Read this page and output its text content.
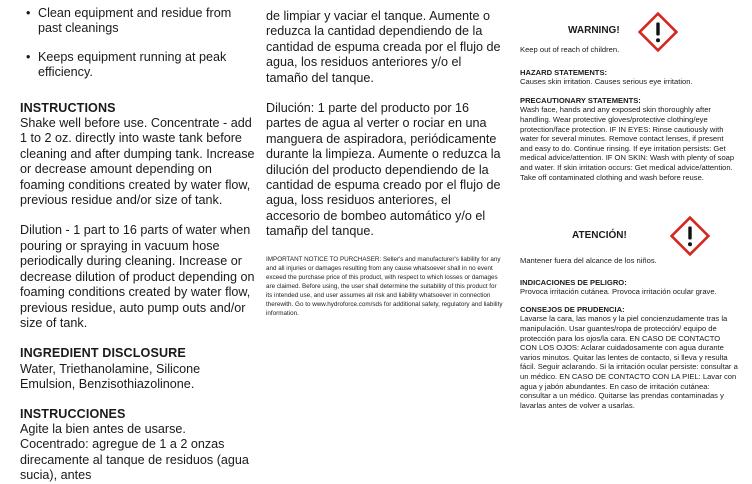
• Clean equipment and residue from past cleanings

• Keeps equipment running at peak efficiency.

INSTRUCTIONS

Shake well before use. Concentrate - add 1 to 2 oz. directly into waste tank before cleaning and after dumping tank. Increase or decrease amount depending on foaming conditions created by water flow, previous residue and/or size of tank.

Dilution - 1 part to 16 parts of water when pouring or spraying in vacuum hose periodically during cleaning. Increase or decrease dilution of product depending on foaming conditions created by water flow, previous residue, auto pump outs and/or size of tank.

INGREDIENT DISCLOSURE

Water, Triethanolamine, Silicone Emulsion, Benzisothiazolinone.

INSTRUCCIONES

Agite la bien antes de usarse. Cocentrado: agregue de 1 a 2 onzas direcamente al tanque de residuos (agua sucia), antes

de limpiar y vaciar el tanque. Aumente o reduzca la cantidad dependiendo de la cantidad de espuma creada por el flujo de agua, los residuos anteriores y/o el tamaño del tanque.

Dilución: 1 parte del producto por 16 partes de agua al verter o rociar en una manguera de aspiradora, periódicamente durante la limpieza. Aumente o reduzca la dilución del producto dependiendo de la cantidad de espuma creado por el flujo de agua, loss residuos anteriores, el accesorio de bombeo automático y/o el tamañp del tanque.

IMPORTANT NOTICE TO PURCHASER: Seller's and manufacturer's liability for any and all injuries or damages resulting from any cause whatsoever shall in no event exceed the purchase price of this product, with respect to which losses or damages are claimed. Before using, the user shall determine the suitability of this product for its intended use, and user assumes all risk and liability whatsoever in connection therewith. Go to www.hydroforce.com/sds for additional safety, regulatory and liability information.

WARNING!

Keep out of reach of children.

HAZARD STATEMENTS:

Causes skin irritation. Causes serious eye irritation.

PRECAUTIONARY STATEMENTS:

Wash face, hands and any exposed skin thoroughly after handling. Wear protective gloves/protective clothing/eye protection/face protection. IF IN EYES: Rinse cautiously with water for several minutes. Remove contact lenses, if present and easy to do. Continue rinsing. If eye irritation persists: Get medical advice/attention. IF ON SKIN: Wash with plenty of soap and water. If skin irritation occurs: Get medical advice/attention. Take off contaminated clothing and wash before reuse.

ATENCIÓN!

Mantener fuera del alcance de los niños.

INDICACIONES DE PELIGRO:

Provoca irritación cutánea. Provoca irritación ocular grave.

CONSEJOS DE PRUDENCIA:

Lavarse la cara, las manos y la piel concienzudamente tras la manipulación. Usar guantes/ropa de protección/ equipo de protección para los ojos/la cara. EN CASO DE CONTACTO CON LOS OJOS: Aclarar cuidadosamente con agua durante varios minutos. Quitar las lentes de contacto, si lleva y resulta fácil. Seguir aclarando. Si la irritación ocular persiste: consultar a un médico. EN CASO DE CONTACTO CON LA PIEL: Lavar con agua y jabón abundantes. En caso de irritación cutánea: consultar a un médico. Quitarse las prendas contaminadas y lavarlas antes de volver a usarlas.
